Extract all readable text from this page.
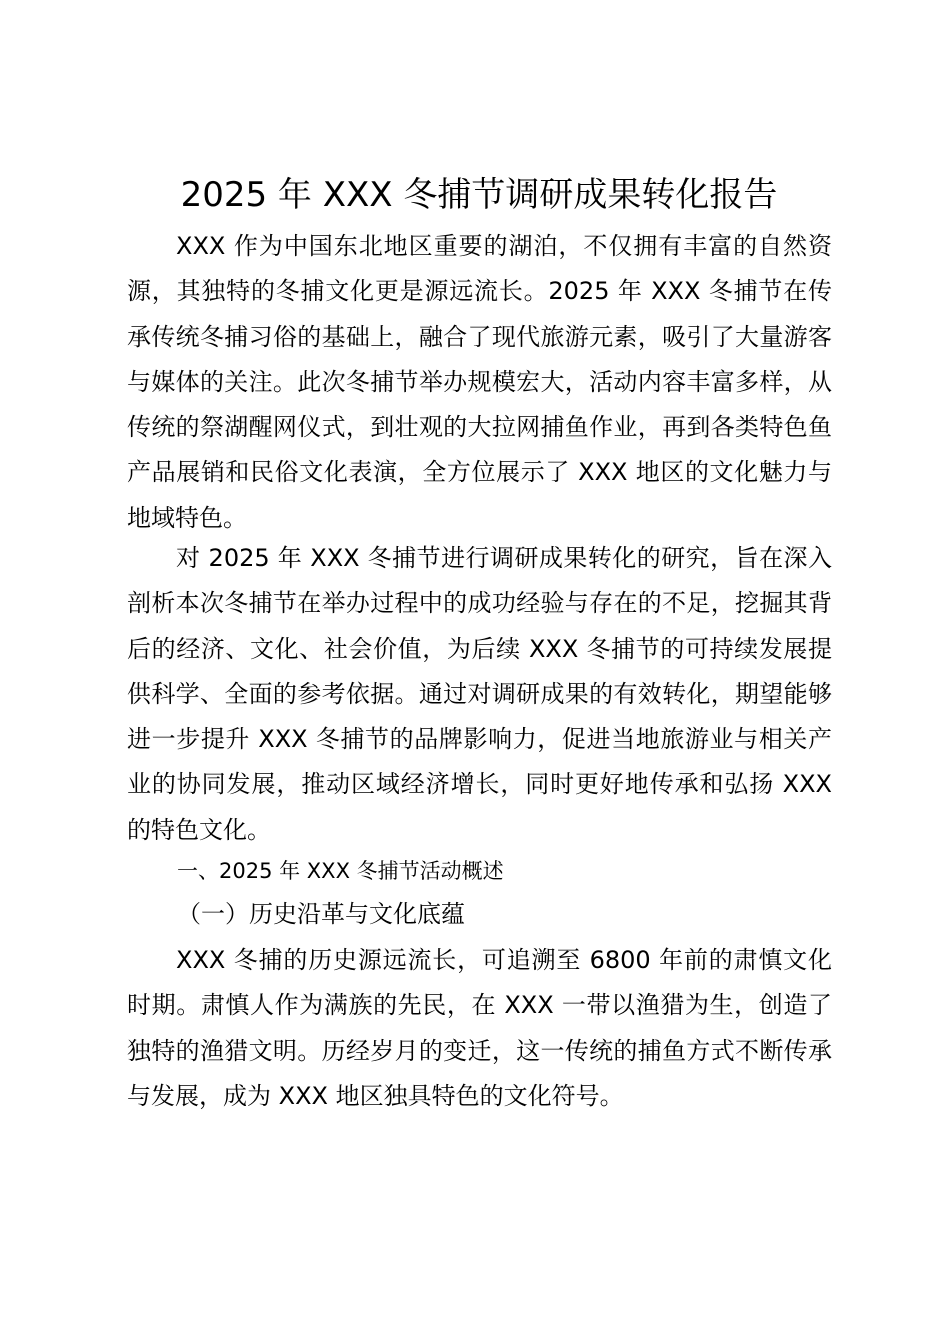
2025 年 XXX 冬捕节调研成果转化报告

XXX 作为中国东北地区重要的湖泊，不仅拥有丰富的自然资源，其独特的冬捕文化更是源远流长。2025 年 XXX 冬捕节在传承传统冬捕习俗的基础上，融合了现代旅游元素，吸引了大量游客与媒体的关注。此次冬捕节举办规模宏大，活动内容丰富多样，从传统的祭湖醒网仪式，到壮观的大拉网捕鱼作业，再到各类特色鱼产品展销和民俗文化表演，全方位展示了 XXX 地区的文化魅力与地域特色。

对 2025 年 XXX 冬捕节进行调研成果转化的研究，旨在深入剖析本次冬捕节在举办过程中的成功经验与存在的不足，挖掘其背后的经济、文化、社会价值，为后续 XXX 冬捕节的可持续发展提供科学、全面的参考依据。通过对调研成果的有效转化，期望能够进一步提升 XXX 冬捕节的品牌影响力，促进当地旅游业与相关产业的协同发展，推动区域经济增长，同时更好地传承和弘扬 XXX 的特色文化。

一、2025 年 XXX 冬捕节活动概述
（一）历史沿革与文化底蕴

XXX 冬捕的历史源远流长，可追溯至 6800 年前的肃慎文化时期。肃慎人作为满族的先民，在 XXX 一带以渔猎为生，创造了独特的渔猎文明。历经岁月的变迁，这一传统的捕鱼方式不断传承与发展，成为 XXX 地区独具特色的文化符号。
